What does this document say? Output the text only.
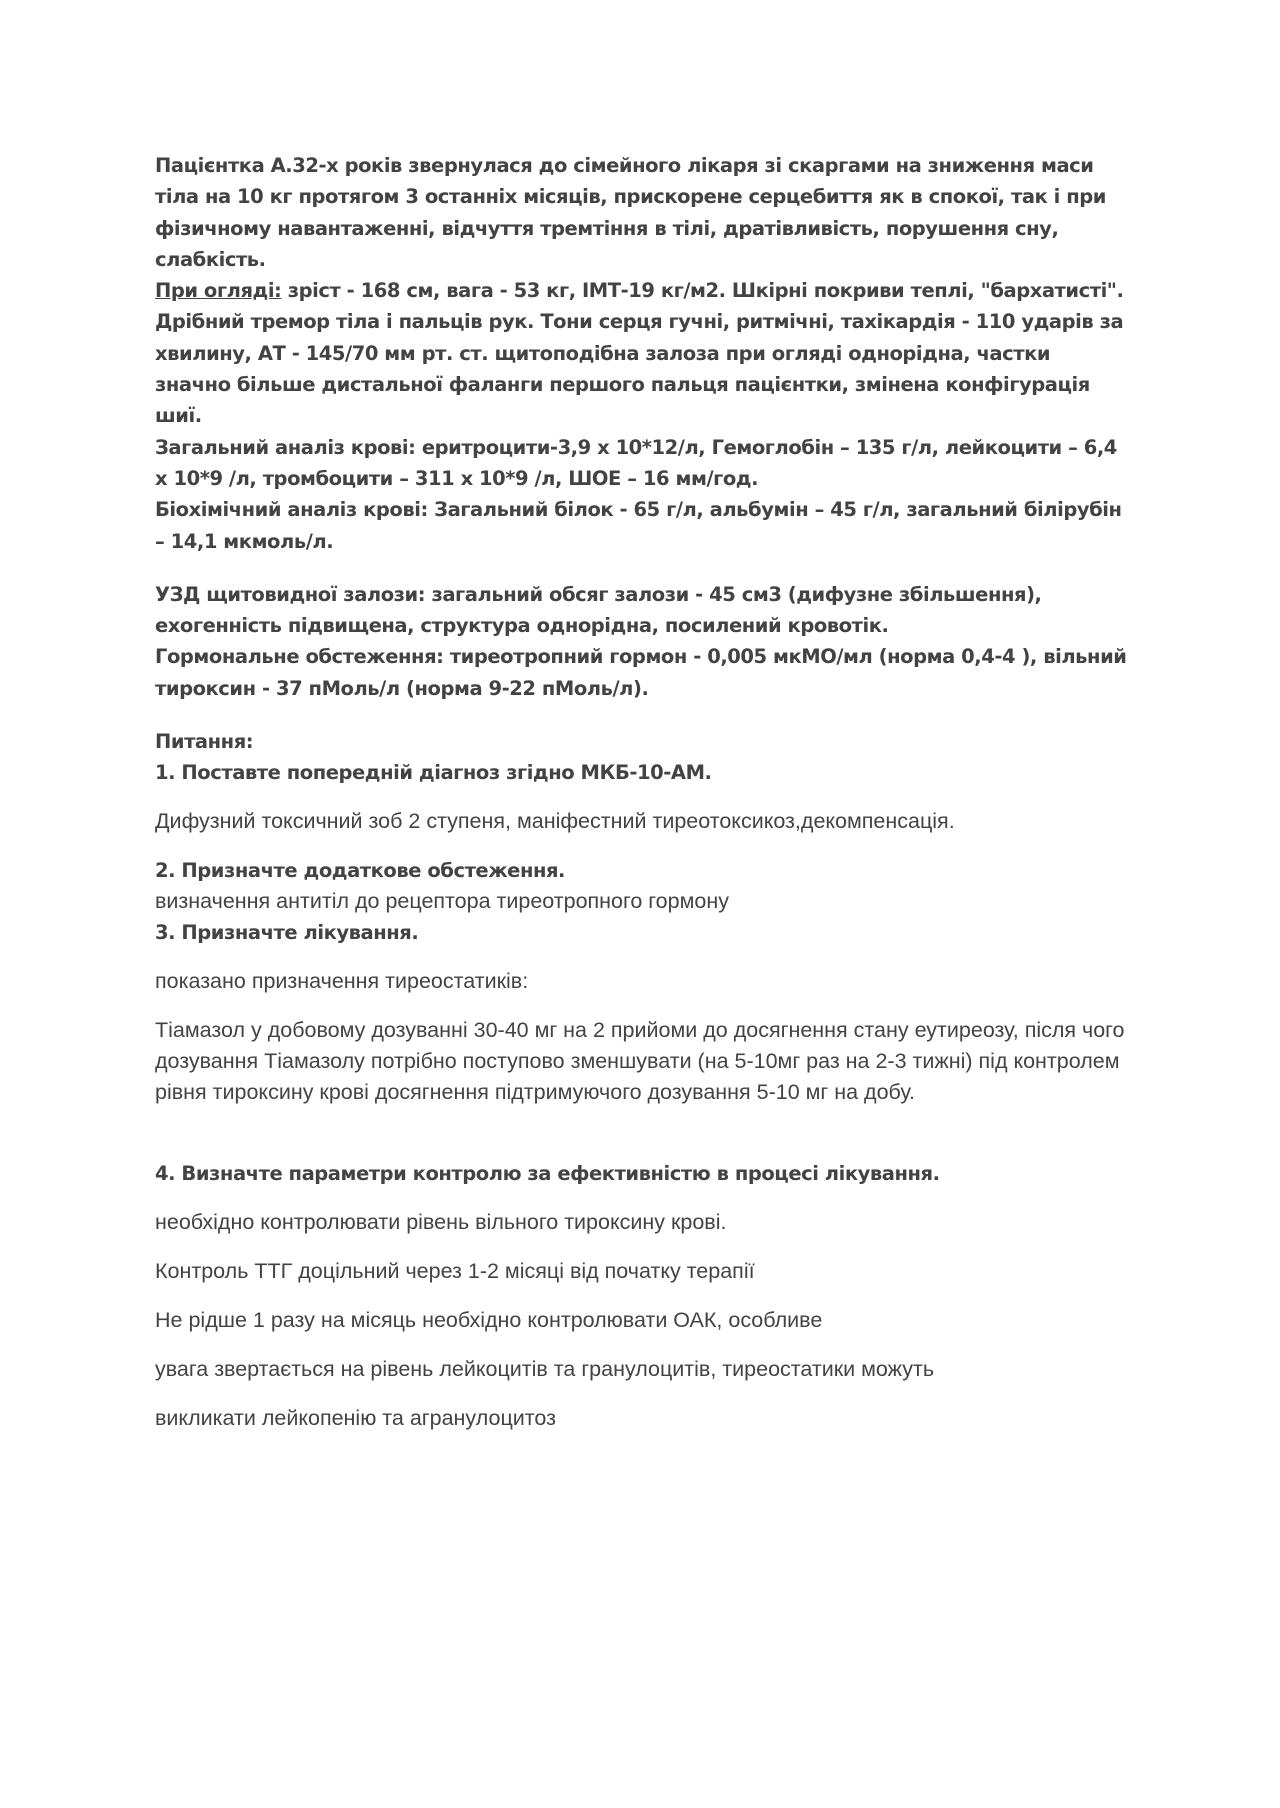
Пацієнтка А.32-х років звернулася до сімейного лікаря зі скаргами на зниження маси тіла на 10 кг протягом 3 останніх місяців, прискорене серцебиття як в спокої, так і при фізичному навантаженні, відчуття тремтіння в тілі, дратівливість, порушення сну, слабкість.

При огляді: зріст - 168 см, вага - 53 кг, ІМТ-19 кг/м2. Шкірні покриви теплі, "бархатисті". Дрібний тремор тіла і пальців рук. Тони серця гучні, ритмічні, тахікардія - 110 ударів за хвилину, АТ - 145/70 мм рт. ст. щитоподібна залоза при огляді однорідна, частки значно більше дистальної фаланги першого пальця пацієнтки, змінена конфігурація шиї.

Загальний аналіз крові: еритроцити-3,9 х 10*12/л, Гемоглобін – 135 г/л, лейкоцити – 6,4 х 10*9 /л, тромбоцити – 311 х 10*9 /л, ШОЕ – 16 мм/год.

Біохімічний аналіз крові: Загальний білок - 65 г/л, альбумін – 45 г/л, загальний білірубін – 14,1 мкмоль/л.

УЗД щитовидної залози: загальний обсяг залози - 45 см3 (дифузне збільшення), ехогенність підвищена, структура однорідна, посилений кровотік.

Гормональне обстеження: тиреотропний гормон - 0,005 мкМО/мл (норма 0,4-4 ), вільний тироксин - 37 пМоль/л (норма 9-22 пМоль/л).

Питання:

1. Поставте попередній діагноз згідно МКБ-10-АМ.

Дифузний токсичний зоб 2 ступеня, маніфестний тиреотоксикоз,декомпенсація.

2. Призначте додаткове обстеження.

визначення антитіл до рецептора тиреотропного гормону

3. Призначте лікування.

показано призначення тиреостатиків:

Тіамазол у добовому дозуванні 30-40 мг на 2 прийоми до досягнення стану еутиреозу, після чого дозування Тіамазолу потрібно поступово зменшувати (на 5-10мг раз на 2-3 тижні) під контролем рівня тироксину крові досягнення підтримуючого дозування 5-10 мг на добу.

4. Визначте параметри контролю за ефективністю в процесі лікування.

необхідно контролювати рівень вільного тироксину крові.

Контроль ТТГ доцільний через 1-2 місяці від початку терапії

Не рідше 1 разу на місяць необхідно контролювати ОАК, особливе

увага звертається на рівень лейкоцитів та гранулоцитів, тиреостатики можуть

викликати лейкопенію та агранулоцитоз
